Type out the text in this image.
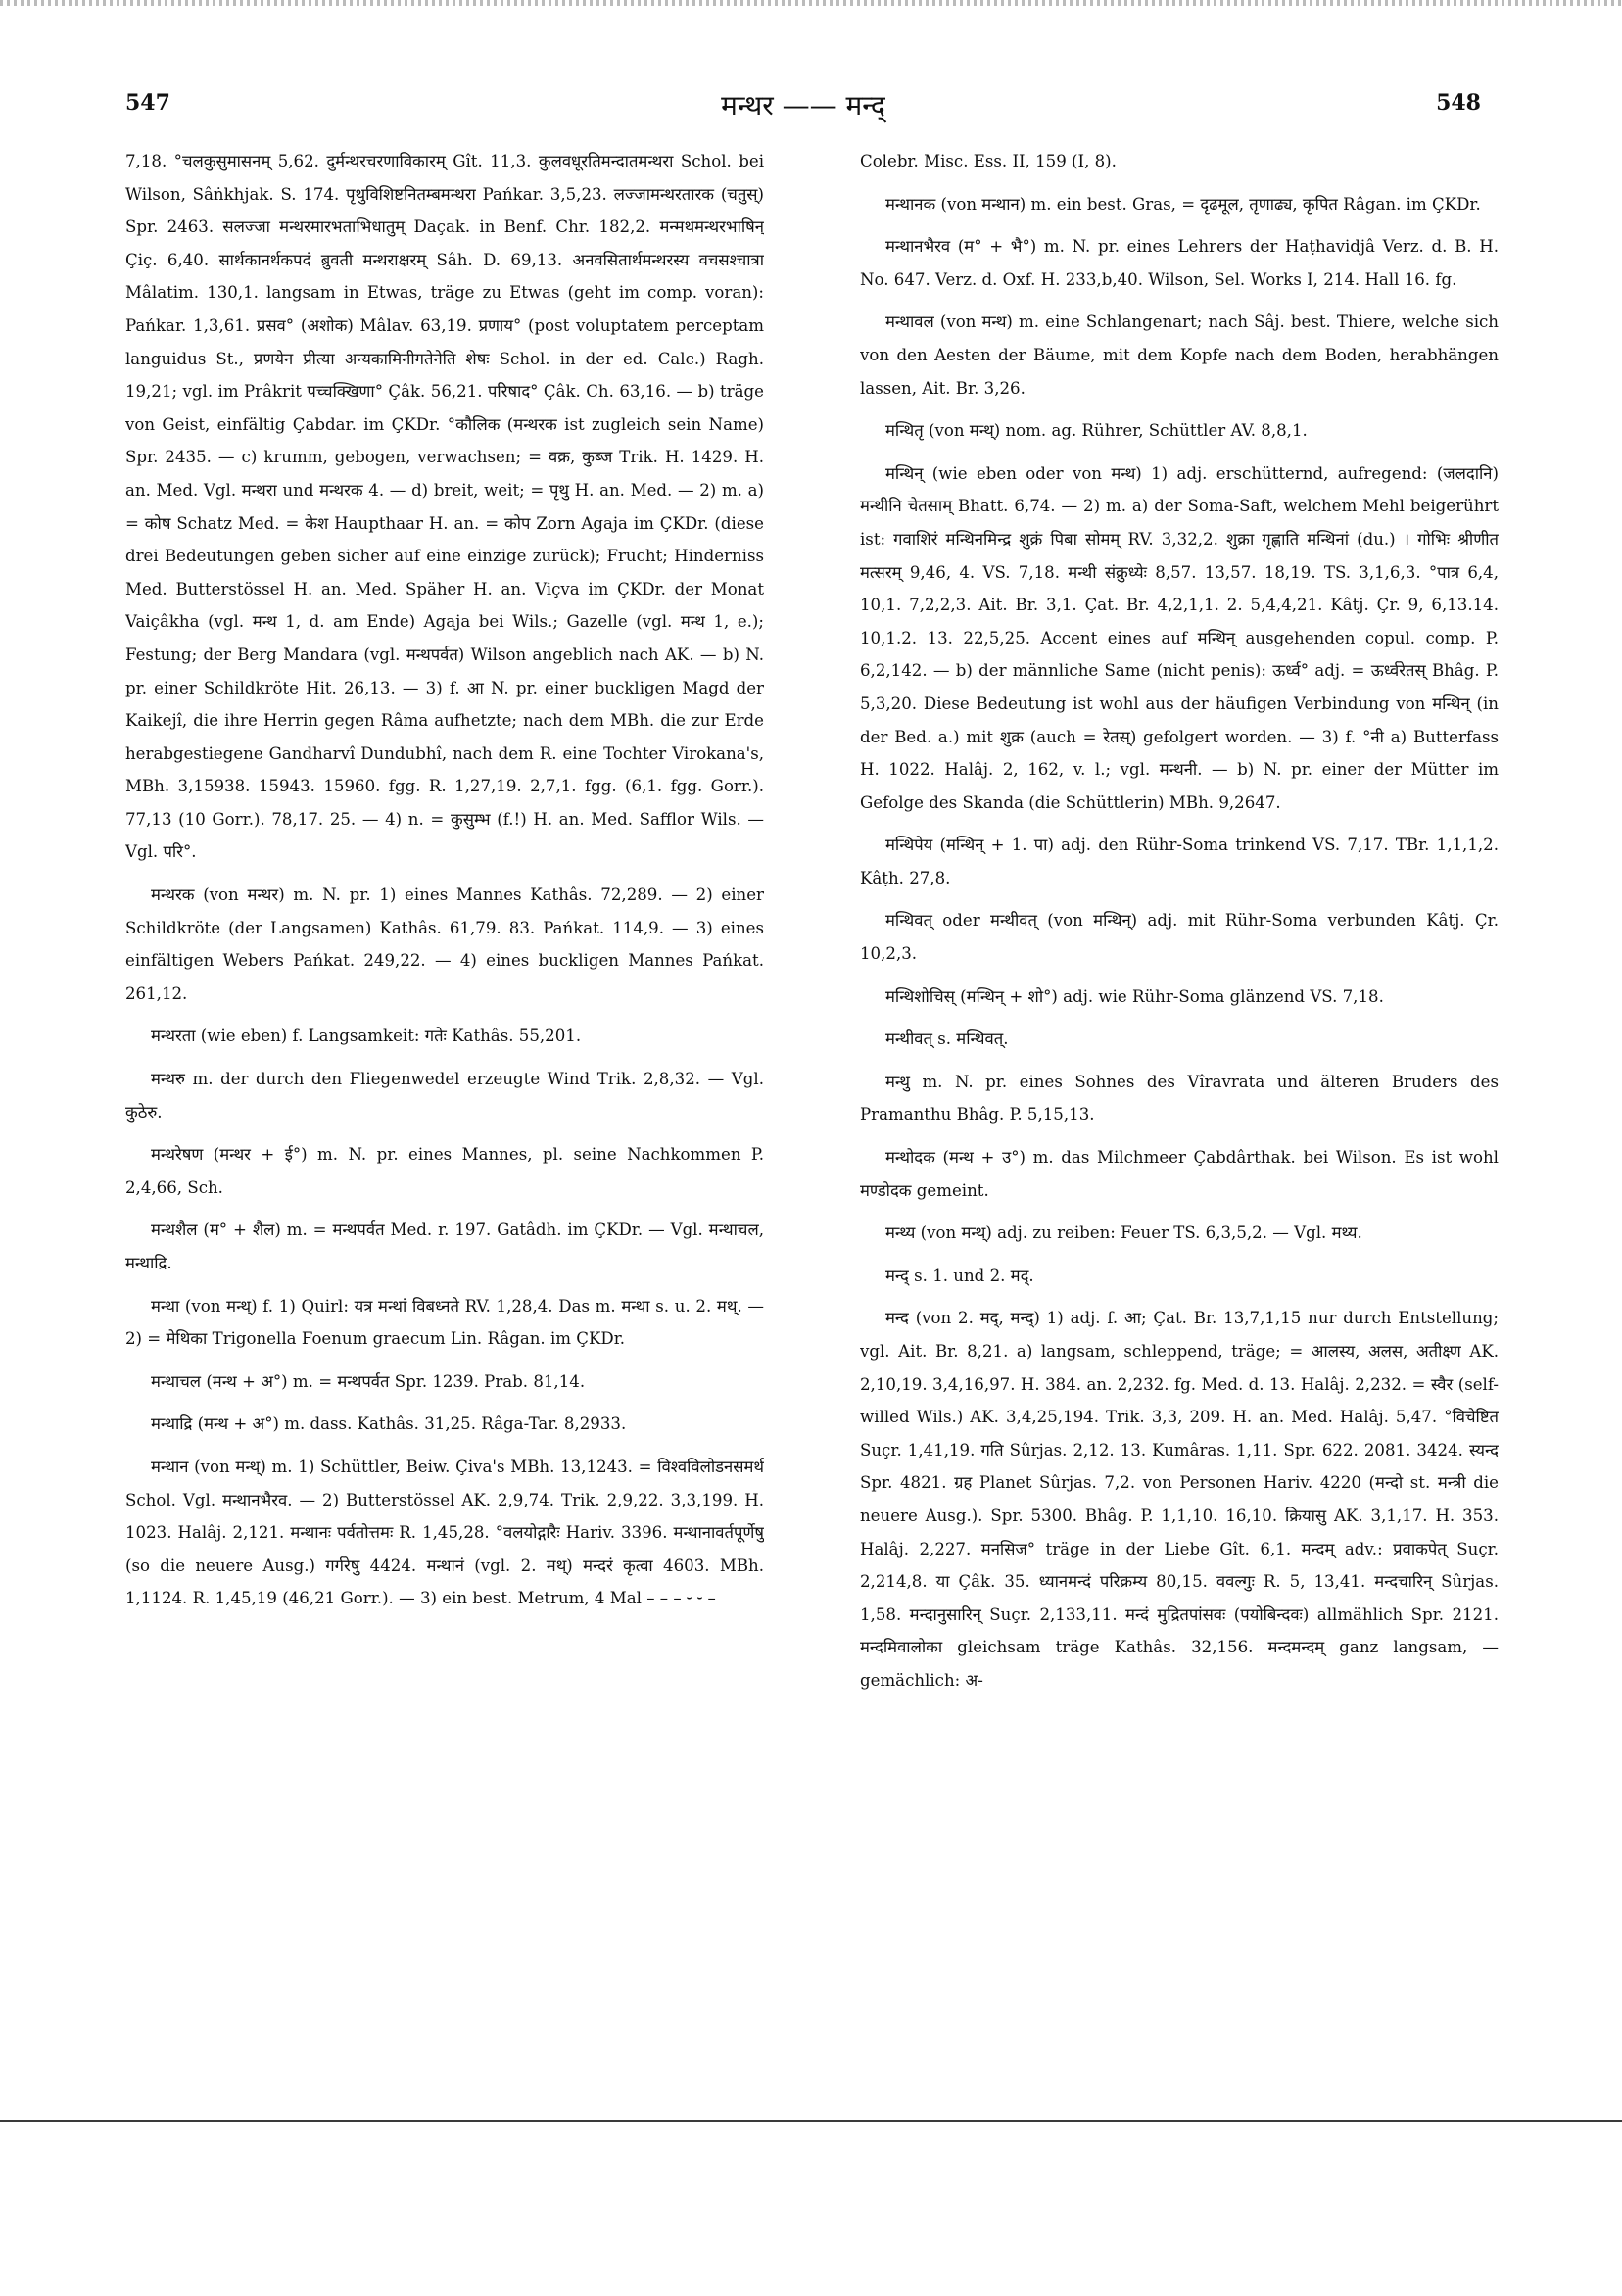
547	मन्थर —— मन्द्	548

7,18. °चलकुसुमासनम् 5,62. दुर्मन्थरचरणाविकारम् Gît. 11,3. कुलवधूरतिमन्दातमन्थरा Schol. bei Wilson, Sâṅkhjak. S. 174. पृथुविशिष्टनितम्बमन्थरा Pańkar. 3,5,23. लज्जामन्थरतारक (चतुस्) Spr. 2463. सलज्जा मन्थरमारभताभिधातुम् Daçak. in Benf. Chr. 182,2. मन्मथमन्थरभाषिन् Çiç. 6,40. सार्थकानर्थकपदं ब्रुवती मन्थराक्षरम् Sâh. D. 69,13. अनवसितार्थमन्थरस्य वचसश्चात्रा Mâlatim. 130,1. langsam in Etwas, träge zu Etwas (geht im comp. voran): Pańkar. 1,3,61. प्रसव° (अशोक) Mâlav. 63,19. प्रणाय° (post voluptatem perceptam languidus St., प्रणयेन प्रीत्या अन्यकामिनीगतेनेति शेषः Schol. in der ed. Calc.) Ragh. 19,21; vgl. im Prâkrit पच्चक्खिणा° Çâk. 56,21. परिषाद° Çâk. Ch. 63,16. — b) träge von Geist, einfältig Çabdar. im ÇKDr. °कौलिक (मन्थरक ist zugleich sein Name) Spr. 2435. — c) krumm, gebogen, verwachsen; = वक्र, कुब्ज Trik. H. 1429. H. an. Med. Vgl. मन्थरा und मन्थरक 4. — d) breit, weit; = पृथु H. an. Med. — 2) m. a) = कोष Schatz Med. = केश Haupthaar H. an. = कोप Zorn Agaja im ÇKDr. (diese drei Bedeutungen geben sicher auf eine einzige zurück); Frucht; Hinderniss Med. Butterstössel H. an. Med. Späher H. an. Viçva im ÇKDr. der Monat Vaiçâkha (vgl. मन्थ 1, d. am Ende) Agaja bei Wils.; Gazelle (vgl. मन्थ 1, e.); Festung; der Berg Mandara (vgl. मन्थपर्वत) Wilson angeblich nach AK. — b) N. pr. einer Schildkröte Hit. 26,13. — 3) f. आ N. pr. einer buckligen Magd der Kaikejî, die ihre Herrin gegen Râma aufhetzte; nach dem MBh. die zur Erde herabgestiegene Gandharvî Dundubhî, nach dem R. eine Tochter Virokana's, MBh. 3,15938. 15943. 15960. fgg. R. 1,27,19. 2,7,1. fgg. (6,1. fgg. Gorr.). 77,13 (10 Gorr.). 78,17. 25. — 4) n. = कुसुम्भ (f.!) H. an. Med. Safflor Wils. — Vgl. परि°.

मन्थरक (von मन्थर) m. N. pr. 1) eines Mannes Kathâs. 72,289. — 2) einer Schildkröte (der Langsamen) Kathâs. 61,79. 83. Pańkat. 114,9. — 3) eines einfältigen Webers Pańkat. 249,22. — 4) eines buckligen Mannes Pańkat. 261,12.

मन्थरता (wie eben) f. Langsamkeit: गतेः Kathâs. 55,201.

मन्थरु m. der durch den Fliegenwedel erzeugte Wind Trik. 2,8,32. — Vgl. कुठेरु.

मन्थरेषण (मन्थर + ई°) m. N. pr. eines Mannes, pl. seine Nachkommen P. 2,4,66, Sch.

मन्थशैल (म° + शैल) m. = मन्थपर्वत Med. r. 197. Gatâdh. im ÇKDr. — Vgl. मन्थाचल, मन्थाद्रि.

मन्था (von मन्थ्) f. 1) Quirl: यत्र मन्थां विबध्नते RV. 1,28,4. Das m. मन्था s. u. 2. मथ्. — 2) = मेथिका Trigonella Foenum graecum Lin. Râgan. im ÇKDr.

मन्थाचल (मन्थ + अ°) m. = मन्थपर्वत Spr. 1239. Prab. 81,14.

मन्थाद्रि (मन्थ + अ°) m. dass. Kathâs. 31,25. Râga-Tar. 8,2933.

मन्थान (von मन्थ्) m. 1) Schüttler, Beiw. Çiva's MBh. 13,1243. = विश्वविलोडनसमर्थ Schol. Vgl. मन्थानभैरव. — 2) Butterstössel AK. 2,9,74. Trik. 2,9,22. 3,3,199. H. 1023. Halâj. 2,121. मन्थानः पर्वतोत्तमः R. 1,45,28. °वलयोद्गारैः Hariv. 3396. मन्थानावर्तपूर्णेषु (so die neuere Ausg.) गर्गरेषु 4424. मन्थानं (vgl. 2. मथ्) मन्दरं कृत्वा 4603. MBh. 1,1124. R. 1,45,19 (46,21 Gorr.). — 3) ein best. Metrum, 4 Mal – – – ⏑ ⏑ –

Colebr. Misc. Ess. II, 159 (I, 8).

मन्थानक (von मन्थान) m. ein best. Gras, = दृढमूल, तृणाढ्य, कृपित Râgan. im ÇKDr.

मन्थानभैरव (म° + भै°) m. N. pr. eines Lehrers der Haṭhavidjâ Verz. d. B. H. No. 647. Verz. d. Oxf. H. 233,b,40. Wilson, Sel. Works I, 214. Hall 16. fg.

मन्थावल (von मन्थ) m. eine Schlangenart; nach Sâj. best. Thiere, welche sich von den Aesten der Bäume, mit dem Kopfe nach dem Boden, herabhängen lassen, Ait. Br. 3,26.

मन्थितृ (von मन्थ्) nom. ag. Rührer, Schüttler AV. 8,8,1.

मन्थिन् (wie eben oder von मन्थ) 1) adj. erschütternd, aufregend: (जलदानि) मन्थीनि चेतसाम् Bhatt. 6,74. — 2) m. a) der Soma-Saft, welchem Mehl beigerührt ist: गवाशिरं मन्थिनमिन्द्र शुक्रं पिबा सोमम् RV. 3,32,2. शुक्रा गृह्णाति मन्थिनां (du.) । गोभिः श्रीणीत मत्सरम् 9,46, 4. VS. 7,18. मन्थी संक्रुध्येः 8,57. 13,57. 18,19. TS. 3,1,6,3. °पात्र 6,4, 10,1. 7,2,2,3. Ait. Br. 3,1. Çat. Br. 4,2,1,1. 2. 5,4,4,21. Kâtj. Çr. 9, 6,13.14. 10,1.2. 13. 22,5,25. Accent eines auf मन्थिन् ausgehenden copul. comp. P. 6,2,142. — b) der männliche Same (nicht penis): ऊर्ध्व° adj. = ऊर्ध्वरेतस् Bhâg. P. 5,3,20. Diese Bedeutung ist wohl aus der häufigen Verbindung von मन्थिन् (in der Bed. a.) mit शुक्र (auch = रेतस्) gefolgert worden. — 3) f. °नी a) Butterfass H. 1022. Halâj. 2, 162, v. l.; vgl. मन्थनी. — b) N. pr. einer der Mütter im Gefolge des Skanda (die Schüttlerin) MBh. 9,2647.

मन्थिपेय (मन्थिन् + 1. पा) adj. den Rühr-Soma trinkend VS. 7,17. TBr. 1,1,1,2. Kâṭh. 27,8.

मन्थिवत् oder मन्थीवत् (von मन्थिन्) adj. mit Rühr-Soma verbunden Kâtj. Çr. 10,2,3.

मन्थिशोचिस् (मन्थिन् + शो°) adj. wie Rühr-Soma glänzend VS. 7,18.

मन्थीवत् s. मन्थिवत्.

मन्थु m. N. pr. eines Sohnes des Vîravrata und älteren Bruders des Pramanthu Bhâg. P. 5,15,13.

मन्थोदक (मन्थ + उ°) m. das Milchmeer Çabdârthak. bei Wilson. Es ist wohl मण्डोदक gemeint.

मन्थ्य (von मन्थ्) adj. zu reiben: Feuer TS. 6,3,5,2. — Vgl. मथ्य.

मन्द् s. 1. und 2. मद्.

मन्द (von 2. मद्, मन्द्) 1) adj. f. आ; Çat. Br. 13,7,1,15 nur durch Entstellung; vgl. Ait. Br. 8,21. a) langsam, schleppend, träge; = आलस्य, अलस, अतीक्ष्ण AK. 2,10,19. 3,4,16,97. H. 384. an. 2,232. fg. Med. d. 13. Halâj. 2,232. = स्वैर (self-willed Wils.) AK. 3,4,25,194. Trik. 3,3, 209. H. an. Med. Halâj. 5,47. °विचेष्टित Suçr. 1,41,19. गति Sûrjas. 2,12. 13. Kumâras. 1,11. Spr. 622. 2081. 3424. स्यन्द Spr. 4821. ग्रह Planet Sûrjas. 7,2. von Personen Hariv. 4220 (मन्दो st. मन्त्री die neuere Ausg.). Spr. 5300. Bhâg. P. 1,1,10. 16,10. क्रियासु AK. 3,1,17. H. 353. Halâj. 2,227. मनसिज° träge in der Liebe Gît. 6,1. मन्दम् adv.: प्रवाकपेत् Suçr. 2,214,8. या Çâk. 35. ध्यानमन्दं परिक्रम्य 80,15. ववल्गुः R. 5, 13,41. मन्दचारिन् Sûrjas. 1,58. मन्दानुसारिन् Suçr. 2,133,11. मन्दं मुद्रितपांसवः (पयोबिन्दवः) allmählich Spr. 2121. मन्दमिवालोका gleichsam träge Kathâs. 32,156. मन्दमन्दम् ganz langsam, — gemächlich: अ-
